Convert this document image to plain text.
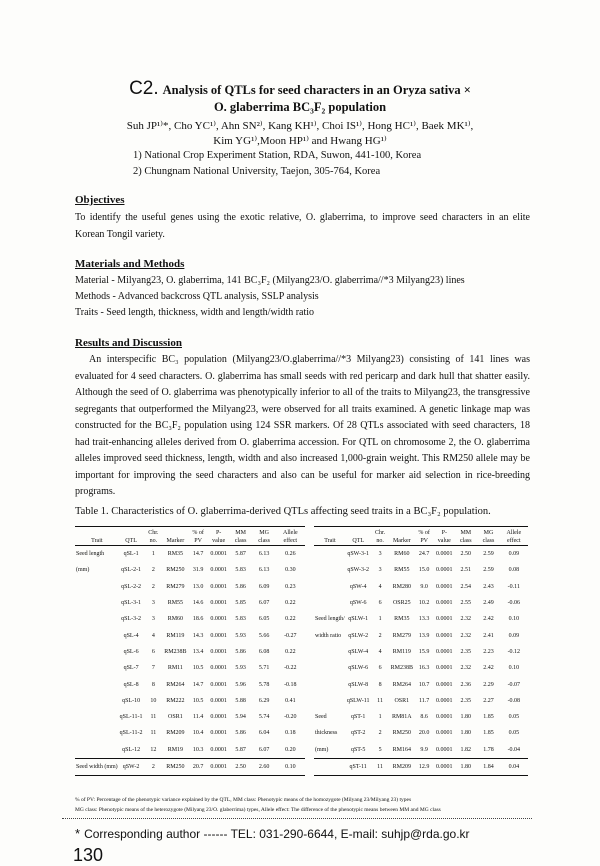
C2. Analysis of QTLs for seed characters in an Oryza sativa ×
O. glaberrima BC₃F₂ population
Suh JP¹⁾*, Cho YC¹⁾, Ahn SN²⁾, Kang KH¹⁾, Choi IS¹⁾, Hong HC¹⁾, Baek MK¹⁾,
Kim YG¹⁾,Moon HP¹⁾ and Hwang HG¹⁾
1) National Crop Experiment Station, RDA, Suwon, 441-100, Korea
2) Chungnam National University, Taejon, 305-764, Korea
Objectives
To identify the useful genes using the exotic relative, O. glaberrima, to improve seed characters in an elite Korean Tongil variety.
Materials and Methods
Material - Milyang23, O. glaberrima, 141 BC₃F₂ (Milyang23/O. glaberrima//*3 Milyang23) lines
Methods - Advanced backcross QTL analysis, SSLP analysis
Traits - Seed length, thickness, width and length/width ratio
Results and Discussion
An interspecific BC₃ population (Milyang23/O.glaberrima//*3 Milyang23) consisting of 141 lines was evaluated for 4 seed characters. O. glaberrima has small seeds with red pericarp and dark hull that shatter easily. Although the seed of O. glaberrima was phenotypically inferior to all of the traits to Milyang23, the transgressive segregants that outperformed the Milyang23, were observed for all traits examined. A genetic linkage map was constructed for the BC₃F₂ population using 124 SSR markers. Of 28 QTLs associated with seed characters, 18 had trait-enhancing alleles derived from O. glaberrima accession. For QTL on chromosome 2, the O. glaberrima alleles improved seed thickness, length, width and also increased 1,000-grain weight. This RM250 allele may be important for improving the seed characters and also can be useful for marker aid selection in rice-breeding programs.
Table 1. Characteristics of O. glaberrima-derived QTLs affecting seed traits in a BC₃F₂ population.
Trait	QTL	Chr. no.	Marker	% of PV	P-value	MM class	MG class	Allele effect
Seed length	qSL-1	1	RM35	14.7	0.0001	5.87	6.13	0.26
(mm)	qSL-2-1	2	RM250	31.9	0.0001	5.83	6.13	0.30
	qSL-2-2	2	RM279	13.0	0.0001	5.86	6.09	0.23
	qSL-3-1	3	RM55	14.6	0.0001	5.85	6.07	0.22
	qSL-3-2	3	RM60	18.6	0.0001	5.83	6.05	0.22
	qSL-4	4	RM119	14.3	0.0001	5.93	5.66	-0.27
	qSL-6	6	RM238B	13.4	0.0001	5.86	6.08	0.22
	qSL-7	7	RM11	10.5	0.0001	5.93	5.71	-0.22
	qSL-8	8	RM264	14.7	0.0001	5.96	5.78	-0.18
	qSL-10	10	RM222	10.5	0.0001	5.88	6.29	0.41
	qSL-11-1	11	OSR1	11.4	0.0001	5.94	5.74	-0.20
	qSL-11-2	11	RM209	10.4	0.0001	5.86	6.04	0.18
	qSL-12	12	RM19	10.3	0.0001	5.87	6.07	0.20
Seed width (mm)	qSW-2	2	RM250	20.7	0.0001	2.50	2.60	0.10
Trait	QTL	Chr. no.	Marker	% of PV	P-value	MM class	MG class	Allele effect
	qSW-3-1	3	RM60	24.7	0.0001	2.50	2.59	0.09
	qSW-3-2	3	RM55	15.0	0.0001	2.51	2.59	0.08
	qSW-4	4	RM280	9.0	0.0001	2.54	2.43	-0.11
	qSW-6	6	OSR25	10.2	0.0001	2.55	2.49	-0.06
Seed length/	qSLW-1	1	RM35	13.3	0.0001	2.32	2.42	0.10
width ratio	qSLW-2	2	RM279	13.9	0.0001	2.32	2.41	0.09
	qSLW-4	4	RM119	15.9	0.0001	2.35	2.23	-0.12
	qSLW-6	6	RM238B	16.3	0.0001	2.32	2.42	0.10
	qSLW-8	8	RM264	10.7	0.0001	2.36	2.29	-0.07
	qSLW-11	11	OSR1	11.7	0.0001	2.35	2.27	-0.08
Seed	qST-1	1	RM81A	8.6	0.0001	1.80	1.85	0.05
thickness	qST-2	2	RM250	20.0	0.0001	1.80	1.85	0.05
(mm)	qST-5	5	RM164	9.9	0.0001	1.82	1.78	-0.04
	qST-11	11	RM209	12.9	0.0001	1.80	1.84	0.04
% of PV: Percentage of the phenotypic variance explained by the QTL, MM class: Phenotypic means of the homozygote (Milyang 23/Milyang 23) types
MG class: Phenotypic means of the heterozygote (Milyang 23/O. glaberrima) types, Allele effect: The difference of the phenotypic means between MM and MG class
* Corresponding author ------ TEL: 031-290-6644, E-mail: suhjp@rda.go.kr
130
